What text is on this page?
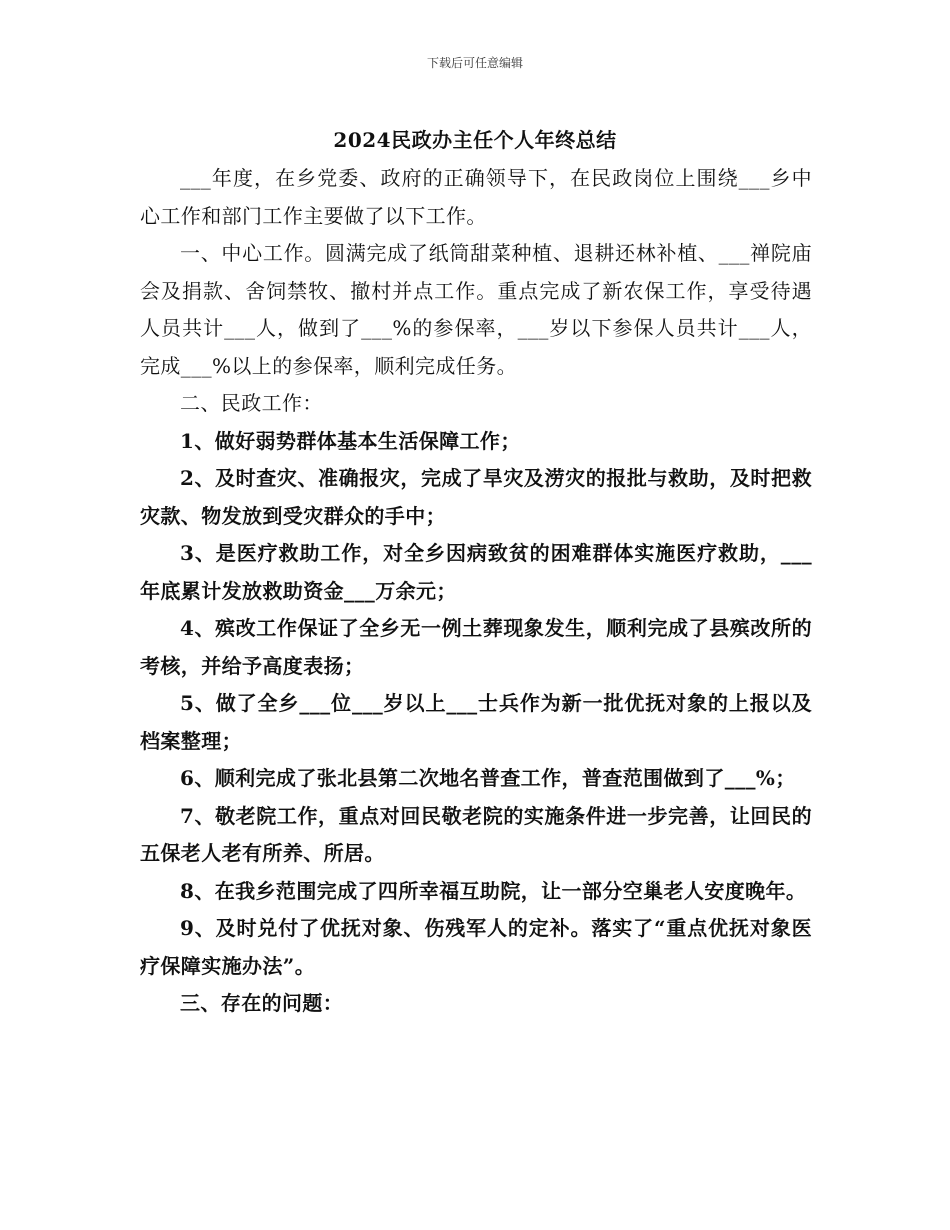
下载后可任意编辑
2024民政办主任个人年终总结

___年度，在乡党委、政府的正确领导下，在民政岗位上围绕___乡中心工作和部门工作主要做了以下工作。

一、中心工作。圆满完成了纸筒甜菜种植、退耕还林补植、___禅院庙会及捐款、舍饲禁牧、撤村并点工作。重点完成了新农保工作，享受待遇人员共计___人，做到了___%的参保率，___岁以下参保人员共计___人，完成___%以上的参保率，顺利完成任务。

二、民政工作：

1、做好弱势群体基本生活保障工作；

2、及时查灾、准确报灾，完成了旱灾及涝灾的报批与救助，及时把救灾款、物发放到受灾群众的手中；

3、是医疗救助工作，对全乡因病致贫的困难群体实施医疗救助，___年底累计发放救助资金___万余元；

4、殡改工作保证了全乡无一例土葬现象发生，顺利完成了县殡改所的考核，并给予高度表扬；

5、做了全乡___位___岁以上___士兵作为新一批优抚对象的上报以及档案整理；

6、顺利完成了张北县第二次地名普查工作，普查范围做到了___%；

7、敬老院工作，重点对回民敬老院的实施条件进一步完善，让回民的五保老人老有所养、所居。

8、在我乡范围完成了四所幸福互助院，让一部分空巢老人安度晚年。

9、及时兑付了优抚对象、伤残军人的定补。落实了“重点优抚对象医疗保障实施办法”。

三、存在的问题：
